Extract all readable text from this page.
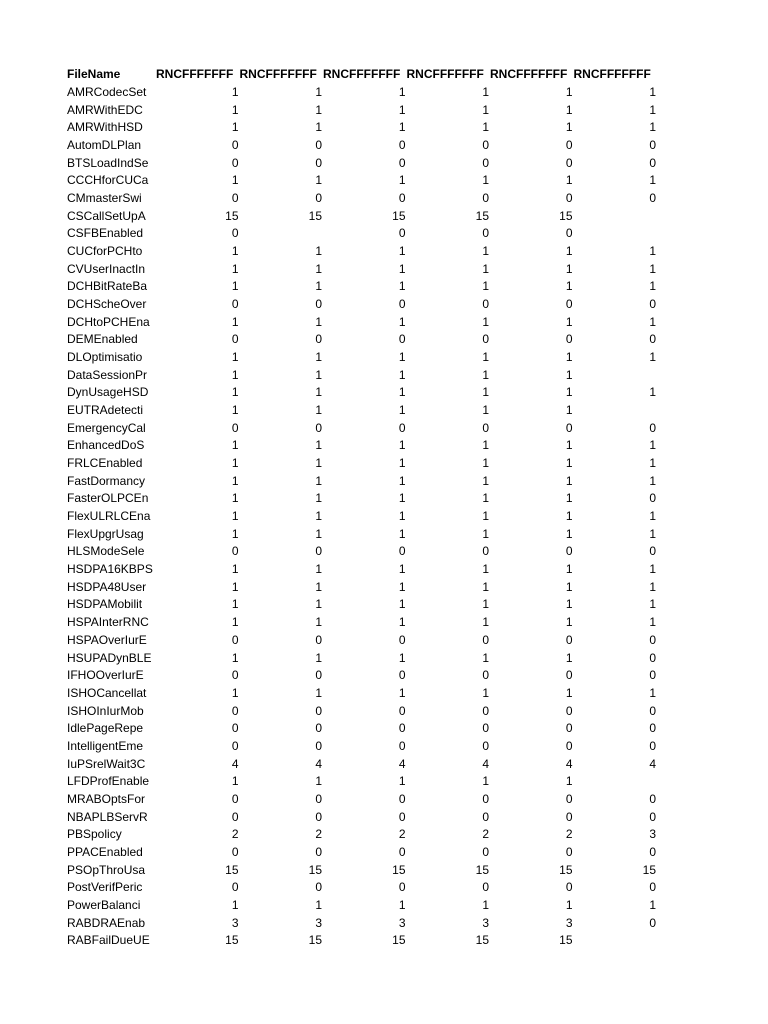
FileName	RNCFFFFFFF	RNCFFFFFFF	RNCFFFFFFF	RNCFFFFFFF	RNCFFFFFFF	RNCFFFFFFF
AMRCodecSet	1	1	1	1	1	1
AMRWithEDC	1	1	1	1	1	1
AMRWithHSD	1	1	1	1	1	1
AutomDLPlan	0	0	0	0	0	0
BTSLoadIndSe	0	0	0	0	0	0
CCCHforCUCa	1	1	1	1	1	1
CMmasterSwi	0	0	0	0	0	0
CSCallSetUpA	15	15	15	15	15	
CSFBEnabled	0		0	0	0	
CUCforPCHto	1	1	1	1	1	1
CVUserInactIn	1	1	1	1	1	1
DCHBitRateBa	1	1	1	1	1	1
DCHScheOver	0	0	0	0	0	0
DCHtoPCHEna	1	1	1	1	1	1
DEMEnabled	0	0	0	0	0	0
DLOptimisatio	1	1	1	1	1	1
DataSessionPr	1	1	1	1	1	
DynUsageHSD	1	1	1	1	1	1
EUTRAdetecti	1	1	1	1	1	
EmergencyCal	0	0	0	0	0	0
EnhancedDoS	1	1	1	1	1	1
FRLCEnabled	1	1	1	1	1	1
FastDormancy	1	1	1	1	1	1
FasterOLPCEn	1	1	1	1	1	0
FlexULRLCEna	1	1	1	1	1	1
FlexUpgrUsag	1	1	1	1	1	1
HLSModeSele	0	0	0	0	0	0
HSDPA16KBPS	1	1	1	1	1	1
HSDPA48User	1	1	1	1	1	1
HSDPAMobilit	1	1	1	1	1	1
HSPAInterRNC	1	1	1	1	1	1
HSPAOverIurE	0	0	0	0	0	0
HSUPADynBLE	1	1	1	1	1	0
IFHOOverIurE	0	0	0	0	0	0
ISHOCancellat	1	1	1	1	1	1
ISHOInIurMob	0	0	0	0	0	0
IdlePageRepe	0	0	0	0	0	0
IntelligentEme	0	0	0	0	0	0
IuPSrelWait3C	4	4	4	4	4	4
LFDProfEnable	1	1	1	1	1	
MRABOptsFor	0	0	0	0	0	0
NBAPLBServR	0	0	0	0	0	0
PBSpolicy	2	2	2	2	2	3
PPACEnabled	0	0	0	0	0	0
PSOpThroUsa	15	15	15	15	15	15
PostVerifPeric	0	0	0	0	0	0
PowerBalanci	1	1	1	1	1	1
RABDRAEnab	3	3	3	3	3	0
RABFailDueUE	15	15	15	15	15	
